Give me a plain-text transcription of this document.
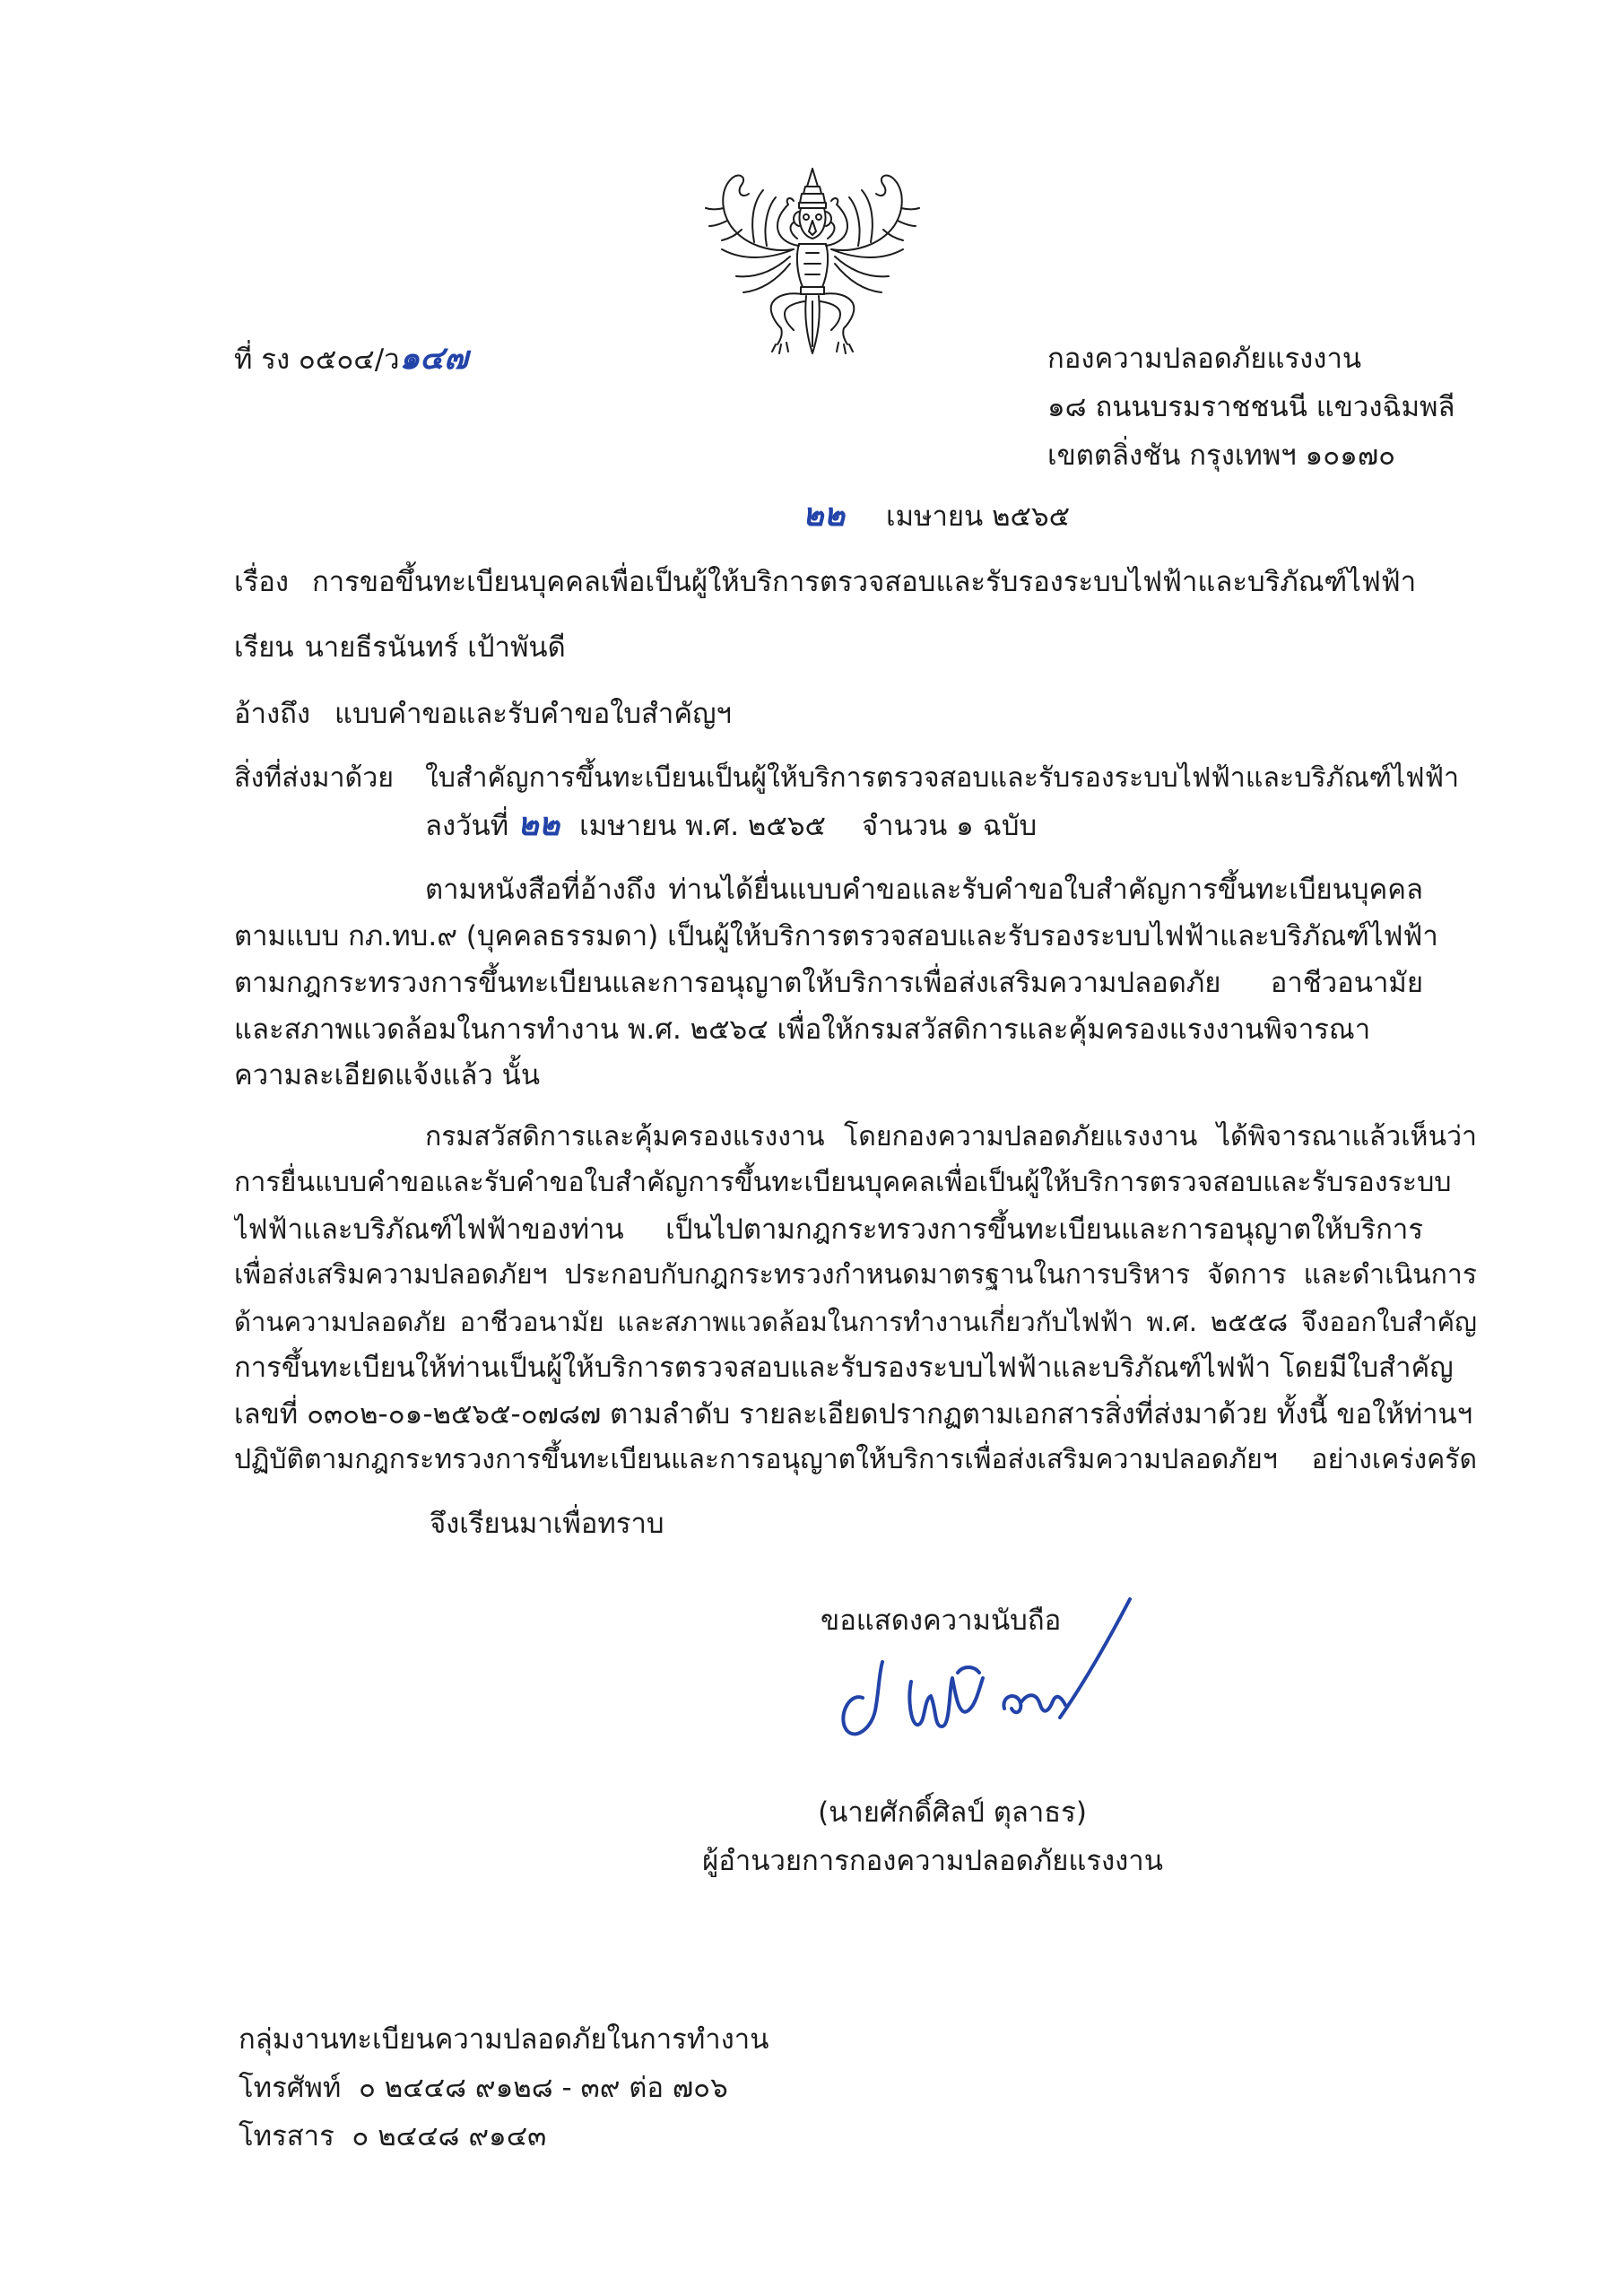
ที่ รง ๐๕๐๔/ว๑๔๗	กองความปลอดภัยแรงงาน
๑๘ ถนนบรมราชชนนี แขวงฉิมพลี
เขตตลิ่งชัน กรุงเทพฯ ๑๐๑๗๐
๒๒ เมษายน ๒๕๖๕
เรื่อง การขอขึ้นทะเบียนบุคคลเพื่อเป็นผู้ให้บริการตรวจสอบและรับรองระบบไฟฟ้าและบริภัณฑ์ไฟฟ้า
เรียน นายธีรนันทร์ เป้าพันดี
อ้างถึง แบบคำขอและรับคำขอใบสำคัญฯ
สิ่งที่ส่งมาด้วย ใบสำคัญการขึ้นทะเบียนเป็นผู้ให้บริการตรวจสอบและรับรองระบบไฟฟ้าและบริภัณฑ์ไฟฟ้า
ลงวันที่ ๒๒ เมษายน พ.ศ. ๒๕๖๕ จำนวน ๑ ฉบับ
ตามหนังสือที่อ้างถึง ท่านได้ยื่นแบบคำขอและรับคำขอใบสำคัญการขึ้นทะเบียนบุคคล
ตามแบบ กภ.ทบ.๙ (บุคคลธรรมดา) เป็นผู้ให้บริการตรวจสอบและรับรองระบบไฟฟ้าและบริภัณฑ์ไฟฟ้า
ตามกฎกระทรวงการขึ้นทะเบียนและการอนุญาตให้บริการเพื่อส่งเสริมความปลอดภัย อาชีวอนามัย
และสภาพแวดล้อมในการทำงาน พ.ศ. ๒๕๖๔ เพื่อให้กรมสวัสดิการและคุ้มครองแรงงานพิจารณา
ความละเอียดแจ้งแล้ว นั้น
กรมสวัสดิการและคุ้มครองแรงงาน โดยกองความปลอดภัยแรงงาน ได้พิจารณาแล้วเห็นว่า
การยื่นแบบคำขอและรับคำขอใบสำคัญการขึ้นทะเบียนบุคคลเพื่อเป็นผู้ให้บริการตรวจสอบและรับรองระบบ
ไฟฟ้าและบริภัณฑ์ไฟฟ้าของท่าน เป็นไปตามกฎกระทรวงการขึ้นทะเบียนและการอนุญาตให้บริการ
เพื่อส่งเสริมความปลอดภัยฯ ประกอบกับกฎกระทรวงกำหนดมาตรฐานในการบริหาร จัดการ และดำเนินการ
ด้านความปลอดภัย อาชีวอนามัย และสภาพแวดล้อมในการทำงานเกี่ยวกับไฟฟ้า พ.ศ. ๒๕๕๘ จึงออกใบสำคัญ
การขึ้นทะเบียนให้ท่านเป็นผู้ให้บริการตรวจสอบและรับรองระบบไฟฟ้าและบริภัณฑ์ไฟฟ้า โดยมีใบสำคัญ
เลขที่ ๐๓๐๒-๐๑-๒๕๖๕-๐๗๘๗ ตามลำดับ รายละเอียดปรากฏตามเอกสารสิ่งที่ส่งมาด้วย ทั้งนี้ ขอให้ท่านฯ
ปฏิบัติตามกฎกระทรวงการขึ้นทะเบียนและการอนุญาตให้บริการเพื่อส่งเสริมความปลอดภัยฯ อย่างเคร่งครัด
จึงเรียนมาเพื่อทราบ
ขอแสดงความนับถือ
(นายศักดิ์ศิลป์ ตุลาธร)
ผู้อำนวยการกองความปลอดภัยแรงงาน
กลุ่มงานทะเบียนความปลอดภัยในการทำงาน
โทรศัพท์  ๐ ๒๔๔๘ ๙๑๒๘ - ๓๙ ต่อ ๗๐๖
โทรสาร  ๐ ๒๔๔๘ ๙๑๔๓
